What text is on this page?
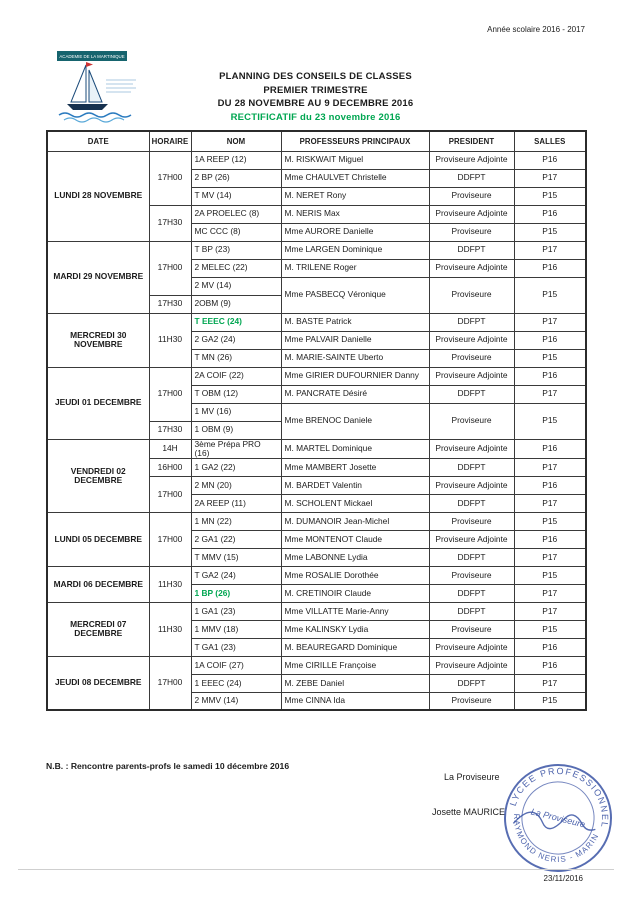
Année scolaire 2016 - 2017
ACADEMIE DE LA MARTINIQUE
PLANNING DES CONSEILS DE CLASSES
PREMIER TRIMESTRE
DU 28 NOVEMBRE AU 9 DECEMBRE 2016
RECTIFICATIF du 23 novembre 2016
DATE	HORAIRE	NOM	PROFESSEURS PRINCIPAUX	PRESIDENT	SALLES
LUNDI 28 NOVEMBRE	17H00	1A REEP (12)	M. RISKWAIT Miguel	Proviseure Adjointe	P16
		2 BP (26)	Mme CHAULVET Christelle	DDFPT	P17
		T MV (14)	M. NERET Rony	Proviseure	P15
	17H30	2A PROELEC (8)	M. NERIS Max	Proviseure Adjointe	P16
		MC CCC (8)	Mme AURORE Danielle	Proviseure	P15
MARDI 29 NOVEMBRE	17H00	T BP (23)	Mme LARGEN Dominique	DDFPT	P17
		2 MELEC (22)	M. TRILENE Roger	Proviseure Adjointe	P16
		2 MV (14)	Mme PASBECQ Véronique	Proviseure	P15
	17H30	2OBM (9)			
MERCREDI 30 NOVEMBRE	11H30	T EEEC (24)	M. BASTE Patrick	DDFPT	P17
		2 GA2 (24)	Mme PALVAIR Danielle	Proviseure Adjointe	P16
		T MN (26)	M. MARIE-SAINTE Uberto	Proviseure	P15
JEUDI 01 DECEMBRE	17H00	2A COIF (22)	Mme GIRIER DUFOURNIER Danny	Proviseure Adjointe	P16
		T OBM (12)	M. PANCRATE Désiré	DDFPT	P17
		1 MV (16)	Mme BRENOC Daniele	Proviseure	P15
	17H30	1 OBM (9)			
VENDREDI 02 DECEMBRE	14H	3ème Prépa PRO (16)	M. MARTEL Dominique	Proviseure Adjointe	P16
	16H00	1 GA2 (22)	Mme MAMBERT Josette	DDFPT	P17
	17H00	2 MN (20)	M. BARDET Valentin	Proviseure Adjointe	P16
		2A REEP (11)	M. SCHOLENT Mickael	DDFPT	P17
LUNDI 05 DECEMBRE	17H00	1 MN (22)	M. DUMANOIR Jean-Michel	Proviseure	P15
		2 GA1 (22)	Mme MONTENOT Claude	Proviseure Adjointe	P16
		T MMV (15)	Mme LABONNE Lydia	DDFPT	P17
MARDI 06 DECEMBRE	11H30	T GA2 (24)	Mme ROSALIE Dorothée	Proviseure	P15
		1 BP (26)	M. CRETINOIR Claude	DDFPT	P17
MERCREDI 07 DECEMBRE	11H30	1 GA1 (23)	Mme VILLATTE Marie-Anny	DDFPT	P17
		1 MMV (18)	Mme KALINSKY Lydia	Proviseure	P15
		T GA1 (23)	M. BEAUREGARD Dominique	Proviseure Adjointe	P16
JEUDI 08 DECEMBRE	17H00	1A COIF (27)	Mme CIRILLE Françoise	Proviseure Adjointe	P16
		1 EEEC (24)	M. ZEBE Daniel	DDFPT	P17
		2 MMV (14)	Mme CINNA Ida	Proviseure	P15
N.B. : Rencontre parents-profs le samedi 10 décembre 2016
La Proviseure
Josette MAURICE
LYCEE PROFESSIONNEL
RAYMOND NERIS - MARIN
La Proviseure
23/11/2016
